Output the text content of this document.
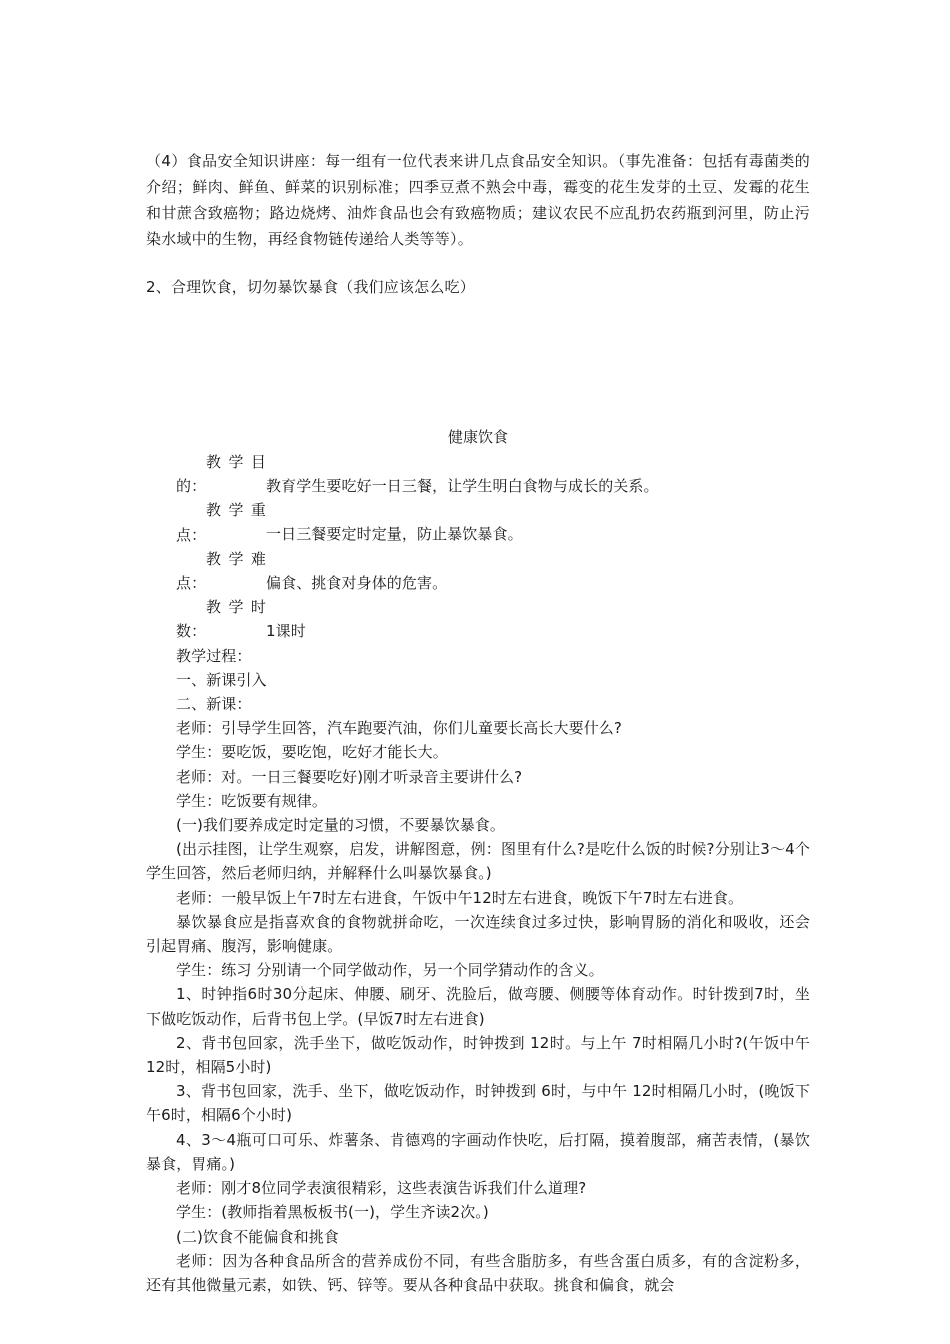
（4）食品安全知识讲座：每一组有一位代表来讲几点食品安全知识。（事先准备：包括有毒菌类的介绍；鲜肉、鲜鱼、鲜菜的识别标准；四季豆煮不熟会中毒，霉变的花生发芽的土豆、发霉的花生和甘蔗含致癌物；路边烧烤、油炸食品也会有致癌物质；建议农民不应乱扔农药瓶到河里，防止污染水域中的生物，再经食物链传递给人类等等）。

2、合理饮食，切勿暴饮暴食（我们应该怎么吃）

健康饮食

教学目的：	教育学生要吃好一日三餐，让学生明白食物与成长的关系。

教学重点：	一日三餐要定时定量，防止暴饮暴食。

教学难点：	偏食、挑食对身体的危害。

教学时数：	1课时

教学过程：

一、新课引入

二、新课：

老师：引导学生回答，汽车跑要汽油，你们儿童要长高长大要什么?

学生：要吃饭，要吃饱，吃好才能长大。

老师：对。一日三餐要吃好)刚才听录音主要讲什么?

学生：吃饭要有规律。

(一)我们要养成定时定量的习惯，不要暴饮暴食。

(出示挂图，让学生观察，启发，讲解图意，例：图里有什么?是吃什么饭的时候?分别让3～4个学生回答，然后老师归纳，并解释什么叫暴饮暴食。)

老师：一般早饭上午7时左右进食，午饭中午12时左右进食，晚饭下午7时左右进食。

暴饮暴食应是指喜欢食的食物就拼命吃，一次连续食过多过快，影响胃肠的消化和吸收，还会引起胃痛、腹泻，影响健康。

学生：练习 分别请一个同学做动作，另一个同学猜动作的含义。

1、时钟指6时30分起床、伸腰、刷牙、洗脸后，做弯腰、侧腰等体育动作。时针拨到7时，坐下做吃饭动作，后背书包上学。(早饭7时左右进食)

2、背书包回家，洗手坐下，做吃饭动作，时钟拨到 12时。与上午 7时相隔几小时?(午饭中午12时，相隔5小时)

3、背书包回家，洗手、坐下，做吃饭动作，时钟拨到 6时，与中午 12时相隔几小时，(晚饭下午6时，相隔6个小时)

4、3～4瓶可口可乐、炸薯条、肯德鸡的字画动作快吃，后打隔，摸着腹部，痛苦表情，(暴饮暴食，胃痛。)

老师：刚才8位同学表演很精彩，这些表演告诉我们什么道理?

学生：(教师指着黑板板书(一)，学生齐读2次。)

(二)饮食不能偏食和挑食

老师：因为各种食品所含的营养成份不同，有些含脂肪多，有些含蛋白质多，有的含淀粉多，还有其他微量元素，如铁、钙、锌等。要从各种食品中获取。挑食和偏食，就会
